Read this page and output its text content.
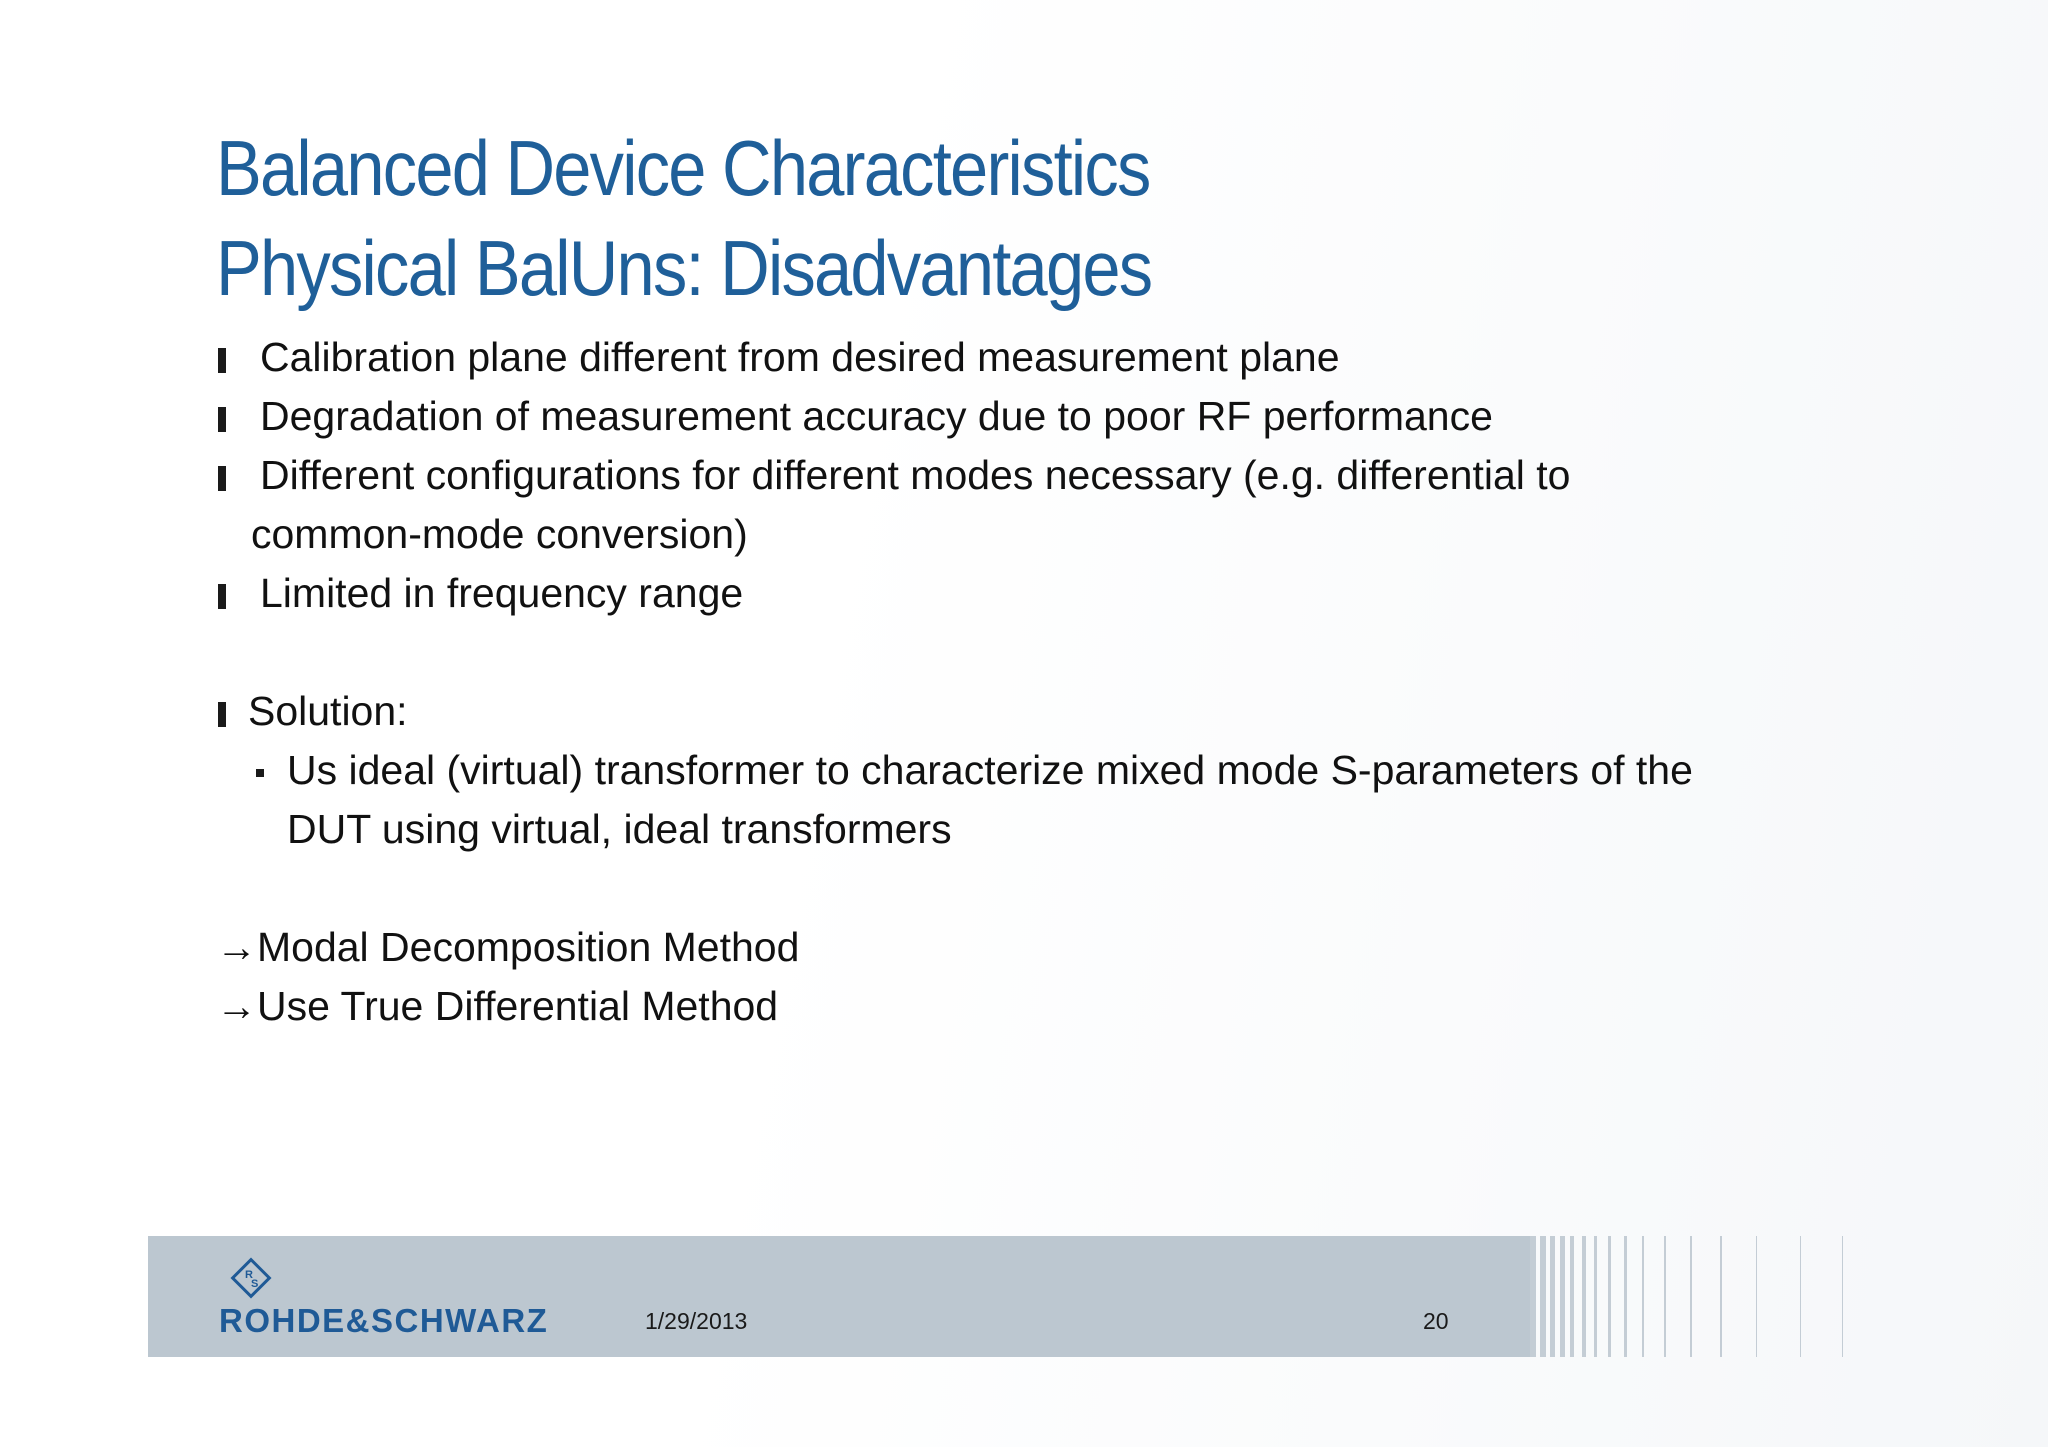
Balanced Device Characteristics
Physical BalUns: Disadvantages
Calibration plane different from desired measurement plane
Degradation of measurement accuracy due to poor RF performance
Different configurations for different modes necessary (e.g. differential to
common-mode conversion)
Limited in frequency range
Solution:
Us ideal (virtual) transformer to characterize mixed mode S-parameters of the
DUT using virtual, ideal transformers
→Modal Decomposition Method
→Use True Differential Method
R
S
ROHDE&SCHWARZ	1/29/2013	20
